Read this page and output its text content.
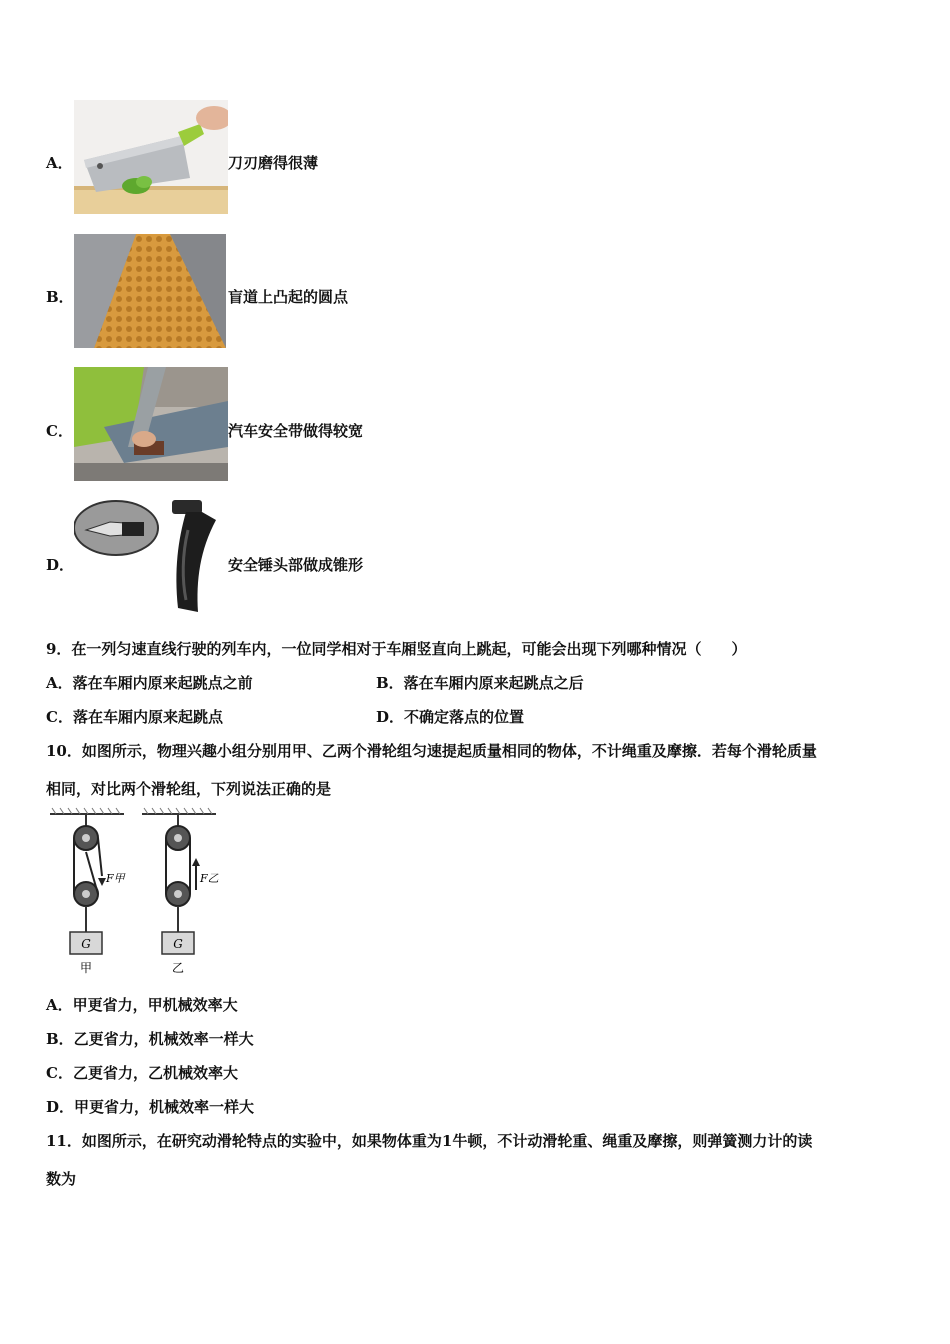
A．	刀刃磨得很薄
B．	盲道上凸起的圆点
C．	汽车安全带做得较宽
D．	安全锤头部做成锥形
9．在一列匀速直线行驶的列车内，一位同学相对于车厢竖直向上跳起，可能会出现下列哪种情况（　　）
A．落在车厢内原来起跳点之前	B．落在车厢内原来起跳点之后
C．落在车厢内原来起跳点	D．不确定落点的位置
10．如图所示，物理兴趣小组分别用甲、乙两个滑轮组匀速提起质量相同的物体，不计绳重及摩擦．若每个滑轮质量
相同，对比两个滑轮组，下列说法正确的是
G
F甲
甲
G
F乙
乙
A．甲更省力，甲机械效率大
B．乙更省力，机械效率一样大
C．乙更省力，乙机械效率大
D．甲更省力，机械效率一样大
11．如图所示，在研究动滑轮特点的实验中，如果物体重为1牛顿，不计动滑轮重、绳重及摩擦，则弹簧测力计的读
数为
